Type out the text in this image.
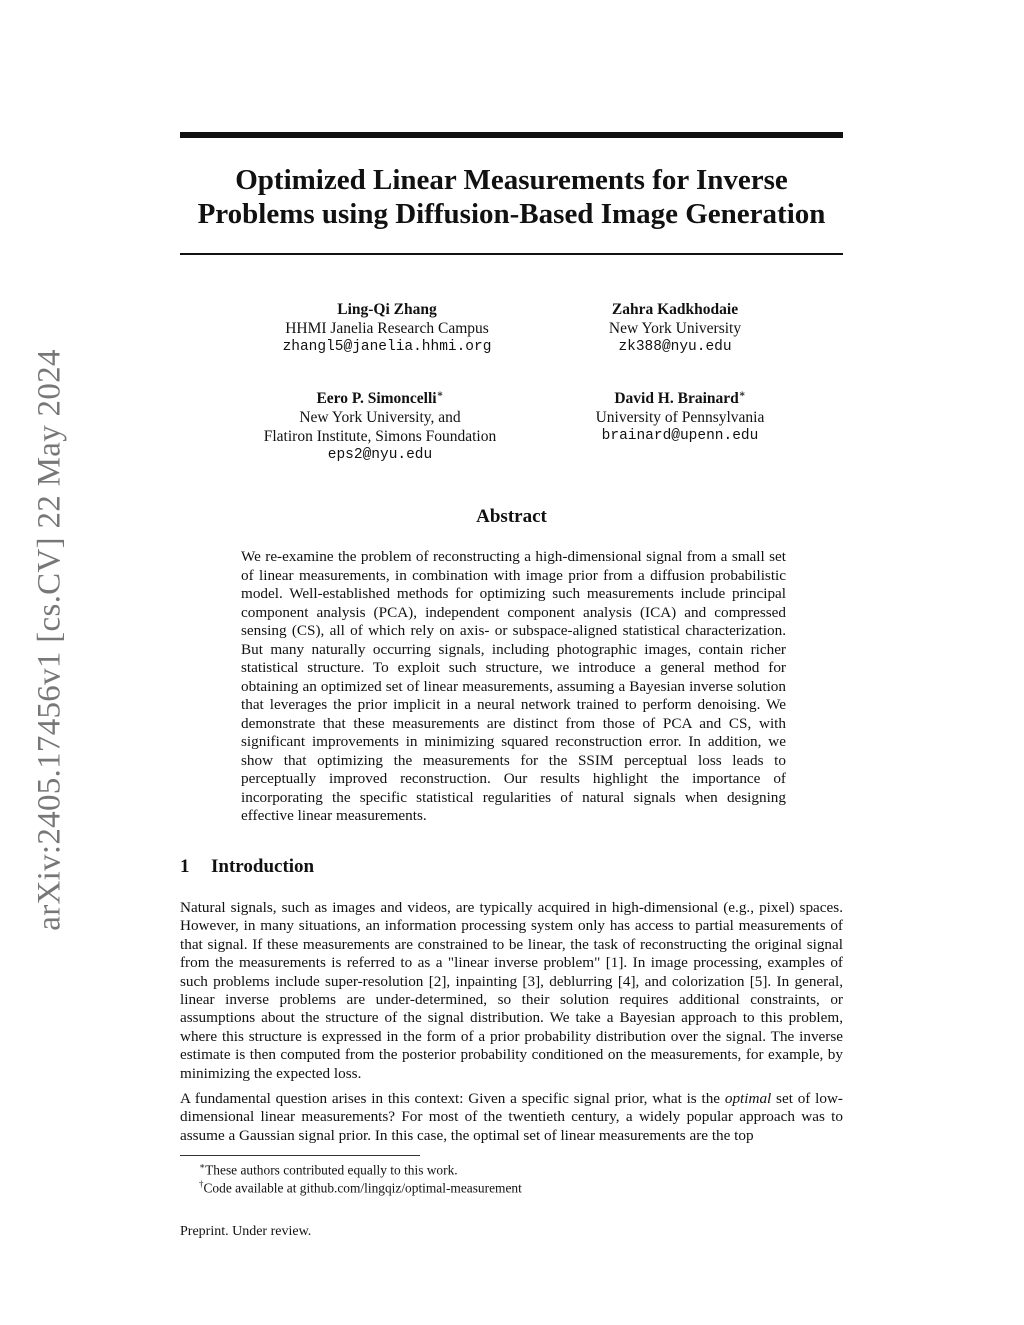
arXiv:2405.17456v1 [cs.CV] 22 May 2024
Optimized Linear Measurements for Inverse Problems using Diffusion-Based Image Generation
Ling-Qi Zhang
HHMI Janelia Research Campus
zhangl5@janelia.hhmi.org
Zahra Kadkhodaie
New York University
zk388@nyu.edu
Eero P. Simoncelli∗
New York University, and
Flatiron Institute, Simons Foundation
eps2@nyu.edu
David H. Brainard∗
University of Pennsylvania
brainard@upenn.edu
Abstract
We re-examine the problem of reconstructing a high-dimensional signal from a small set of linear measurements, in combination with image prior from a diffusion probabilistic model. Well-established methods for optimizing such measurements include principal component analysis (PCA), independent component analysis (ICA) and compressed sensing (CS), all of which rely on axis- or subspace-aligned statistical characterization. But many naturally occurring signals, including photographic images, contain richer statistical structure. To exploit such structure, we introduce a general method for obtaining an optimized set of linear measurements, assuming a Bayesian inverse solution that leverages the prior implicit in a neural network trained to perform denoising. We demonstrate that these measurements are distinct from those of PCA and CS, with significant improvements in minimizing squared reconstruction error. In addition, we show that optimizing the measurements for the SSIM perceptual loss leads to perceptually improved reconstruction. Our results highlight the importance of incorporating the specific statistical regularities of natural signals when designing effective linear measurements.
1 Introduction
Natural signals, such as images and videos, are typically acquired in high-dimensional (e.g., pixel) spaces. However, in many situations, an information processing system only has access to partial measurements of that signal. If these measurements are constrained to be linear, the task of reconstructing the original signal from the measurements is referred to as a "linear inverse problem" [1]. In image processing, examples of such problems include super-resolution [2], inpainting [3], deblurring [4], and colorization [5]. In general, linear inverse problems are under-determined, so their solution requires additional constraints, or assumptions about the structure of the signal distribution. We take a Bayesian approach to this problem, where this structure is expressed in the form of a prior probability distribution over the signal. The inverse estimate is then computed from the posterior probability conditioned on the measurements, for example, by minimizing the expected loss.
A fundamental question arises in this context: Given a specific signal prior, what is the optimal set of low-dimensional linear measurements? For most of the twentieth century, a widely popular approach was to assume a Gaussian signal prior. In this case, the optimal set of linear measurements are the top
∗These authors contributed equally to this work.
†Code available at github.com/lingqiz/optimal-measurement
Preprint. Under review.
